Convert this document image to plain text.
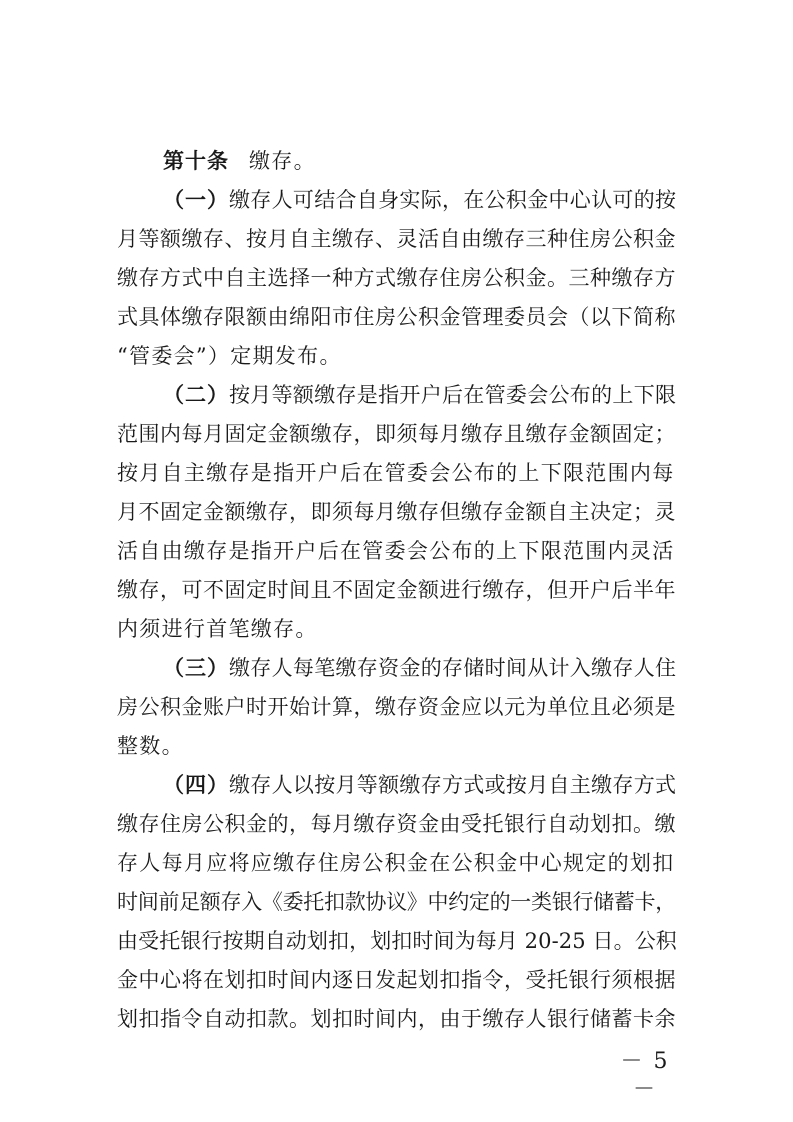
第十条 缴存。
（一）缴存人可结合自身实际，在公积金中心认可的按
月等额缴存、按月自主缴存、灵活自由缴存三种住房公积金
缴存方式中自主选择一种方式缴存住房公积金。三种缴存方
式具体缴存限额由绵阳市住房公积金管理委员会（以下简称
“管委会”）定期发布。
（二）按月等额缴存是指开户后在管委会公布的上下限
范围内每月固定金额缴存，即须每月缴存且缴存金额固定；
按月自主缴存是指开户后在管委会公布的上下限范围内每
月不固定金额缴存，即须每月缴存但缴存金额自主决定；灵
活自由缴存是指开户后在管委会公布的上下限范围内灵活
缴存，可不固定时间且不固定金额进行缴存，但开户后半年
内须进行首笔缴存。
（三）缴存人每笔缴存资金的存储时间从计入缴存人住
房公积金账户时开始计算，缴存资金应以元为单位且必须是
整数。
（四）缴存人以按月等额缴存方式或按月自主缴存方式
缴存住房公积金的，每月缴存资金由受托银行自动划扣。缴
存人每月应将应缴存住房公积金在公积金中心规定的划扣
时间前足额存入《委托扣款协议》中约定的一类银行储蓄卡，
由受托银行按期自动划扣，划扣时间为每月 20-25 日。公积
金中心将在划扣时间内逐日发起划扣指令，受托银行须根据
划扣指令自动扣款。划扣时间内，由于缴存人银行储蓄卡余
－ 5 －
